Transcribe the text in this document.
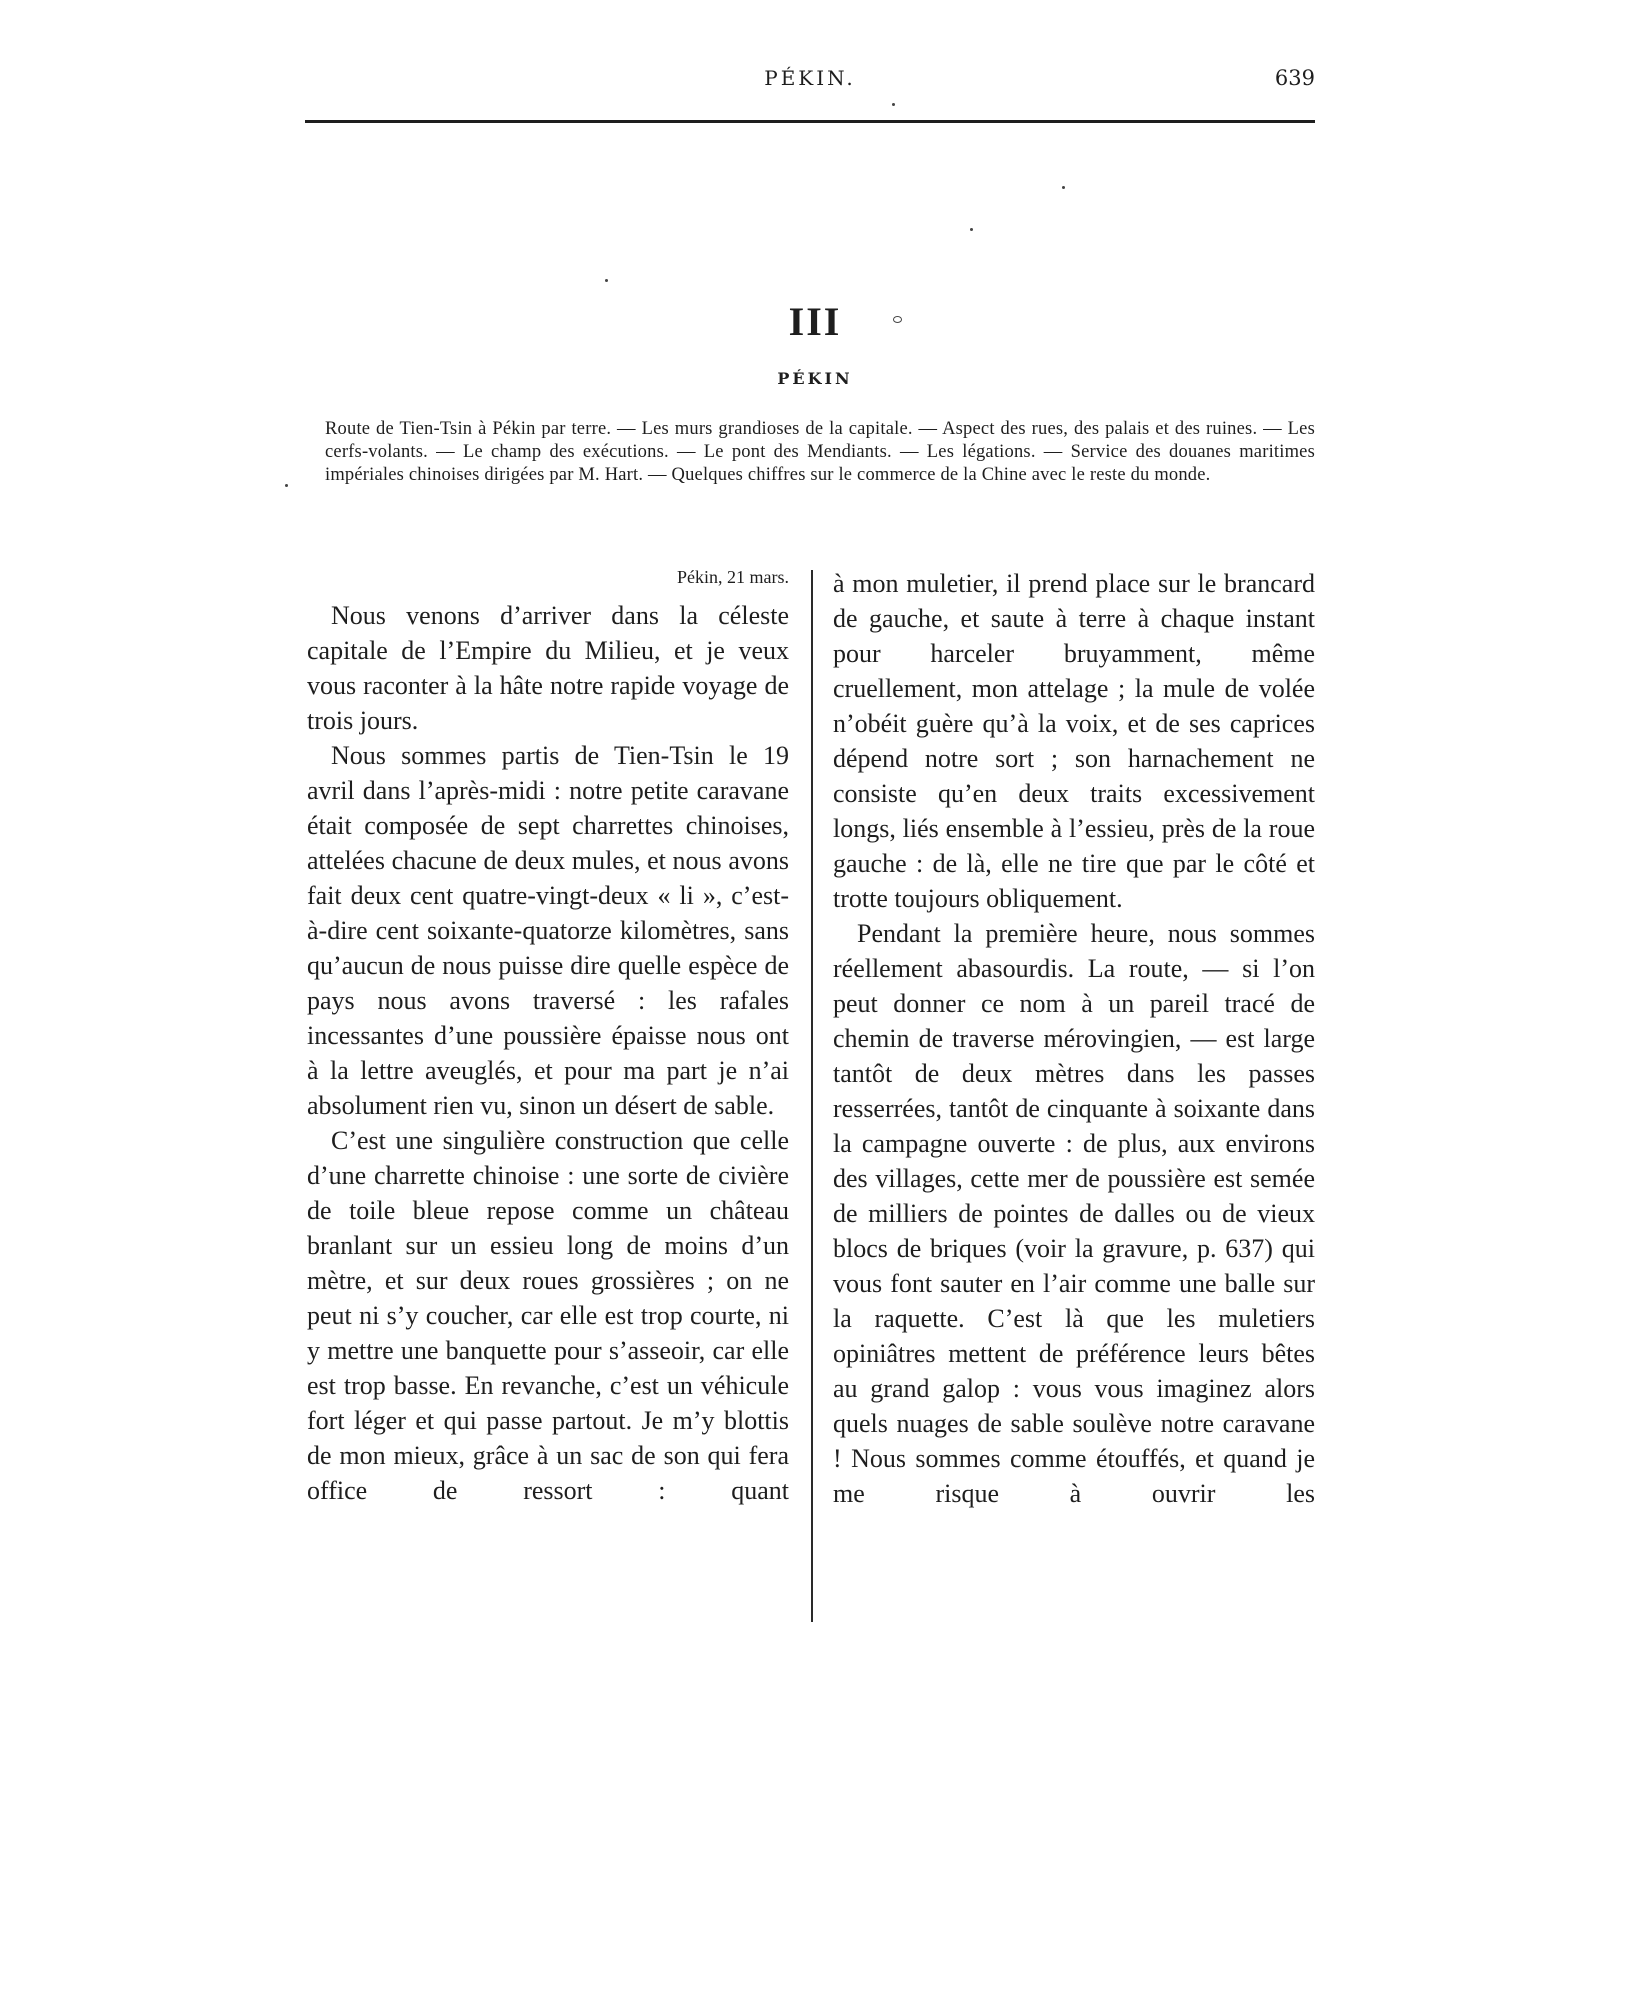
PÉKIN.	639
III
PÉKIN
Route de Tien-Tsin à Pékin par terre. — Les murs grandioses de la capitale. — Aspect des rues, des palais et des ruines. — Les cerfs-volants. — Le champ des exécutions. — Le pont des Mendiants. — Les légations. — Service des douanes maritimes impériales chinoises dirigées par M. Hart. — Quelques chiffres sur le commerce de la Chine avec le reste du monde.
Pékin, 21 mars.

Nous venons d’arriver dans la céleste capitale de l’Empire du Milieu, et je veux vous raconter à la hâte notre rapide voyage de trois jours.

Nous sommes partis de Tien-Tsin le 19 avril dans l’après-midi : notre petite caravane était composée de sept charrettes chinoises, attelées chacune de deux mules, et nous avons fait deux cent quatre-vingt-deux « li », c’est-à-dire cent soixante-quatorze kilomètres, sans qu’aucun de nous puisse dire quelle espèce de pays nous avons traversé : les rafales incessantes d’une poussière épaisse nous ont à la lettre aveuglés, et pour ma part je n’ai absolument rien vu, sinon un désert de sable.

C’est une singulière construction que celle d’une charrette chinoise : une sorte de civière de toile bleue repose comme un château branlant sur un essieu long de moins d’un mètre, et sur deux roues grossières ; on ne peut ni s’y coucher, car elle est trop courte, ni y mettre une banquette pour s’asseoir, car elle est trop basse. En revanche, c’est un véhicule fort léger et qui passe partout. Je m’y blottis de mon mieux, grâce à un sac de son qui fera office de ressort : quant

à mon muletier, il prend place sur le brancard de gauche, et saute à terre à chaque instant pour harceler bruyamment, même cruellement, mon attelage ; la mule de volée n’obéit guère qu’à la voix, et de ses caprices dépend notre sort ; son harnachement ne consiste qu’en deux traits excessivement longs, liés ensemble à l’essieu, près de la roue gauche : de là, elle ne tire que par le côté et trotte toujours obliquement.

Pendant la première heure, nous sommes réellement abasourdis. La route, — si l’on peut donner ce nom à un pareil tracé de chemin de traverse mérovingien, — est large tantôt de deux mètres dans les passes resserrées, tantôt de cinquante à soixante dans la campagne ouverte : de plus, aux environs des villages, cette mer de poussière est semée de milliers de pointes de dalles ou de vieux blocs de briques (voir la gravure, p. 637) qui vous font sauter en l’air comme une balle sur la raquette. C’est là que les muletiers opiniâtres mettent de préférence leurs bêtes au grand galop : vous vous imaginez alors quels nuages de sable soulève notre caravane ! Nous sommes comme étouffés, et quand je me risque à ouvrir les
